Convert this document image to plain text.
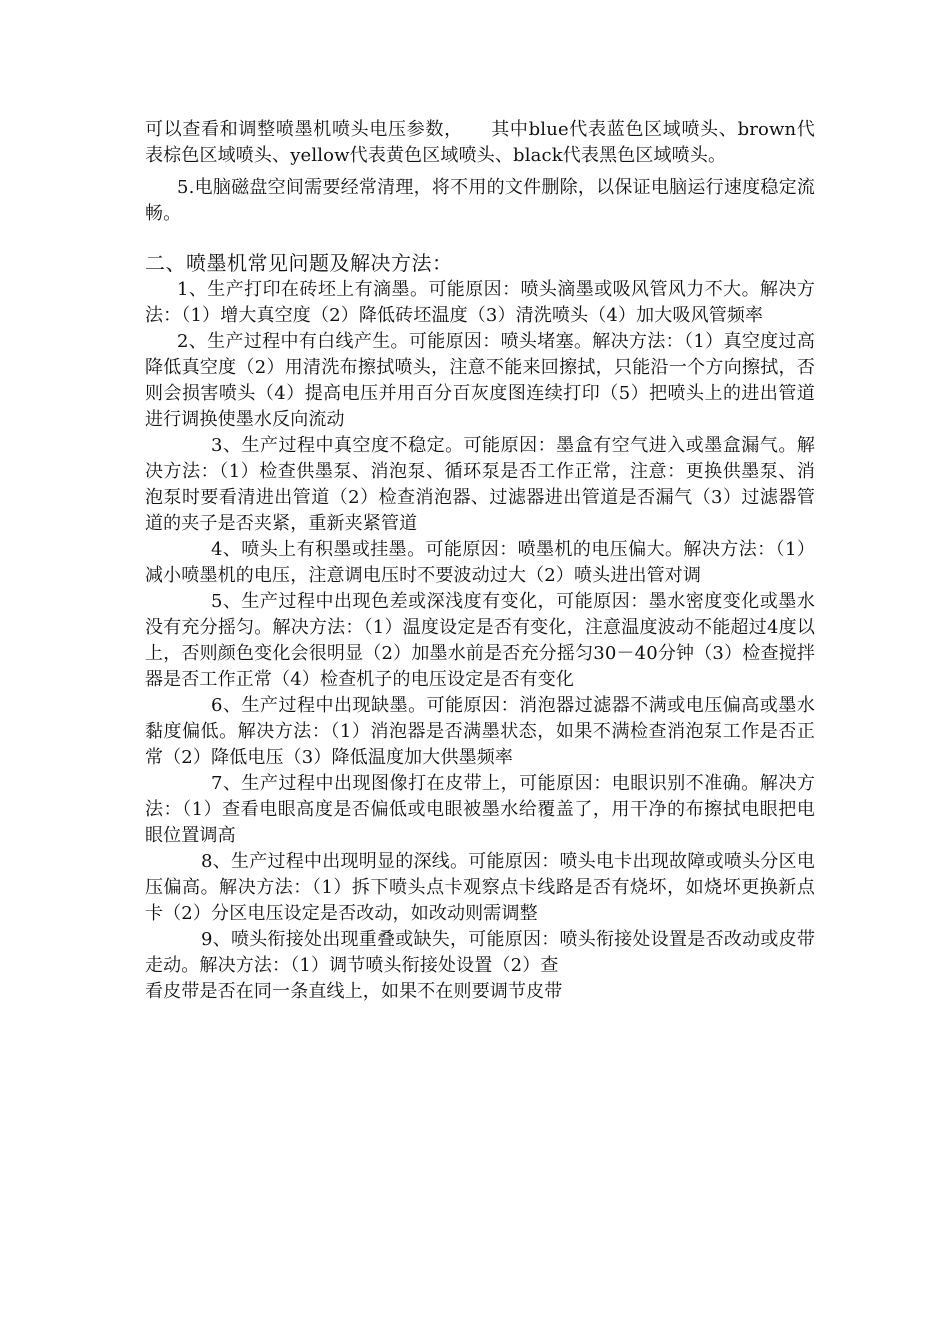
可以查看和调整喷墨机喷头电压参数，　　其中blue代表蓝色区域喷头、brown代表棕色区域喷头、yellow代表黄色区域喷头、black代表黑色区域喷头。

5.电脑磁盘空间需要经常清理，将不用的文件删除，以保证电脑运行速度稳定流畅。

二、喷墨机常见问题及解决方法：

1、生产打印在砖坯上有滴墨。可能原因：喷头滴墨或吸风管风力不大。解决方法：（1）增大真空度（2）降低砖坯温度（3）清洗喷头（4）加大吸风管频率

2、生产过程中有白线产生。可能原因：喷头堵塞。解决方法：（1）真空度过高降低真空度（2）用清洗布擦拭喷头，注意不能来回擦拭，只能沿一个方向擦拭，否则会损害喷头（4）提高电压并用百分百灰度图连续打印（5）把喷头上的进出管道进行调换使墨水反向流动

3、生产过程中真空度不稳定。可能原因：墨盒有空气进入或墨盒漏气。解决方法：（1）检查供墨泵、消泡泵、循环泵是否工作正常，注意：更换供墨泵、消泡泵时要看清进出管道（2）检查消泡器、过滤器进出管道是否漏气（3）过滤器管道的夹子是否夹紧，重新夹紧管道

4、喷头上有积墨或挂墨。可能原因：喷墨机的电压偏大。解决方法：（1）减小喷墨机的电压，注意调电压时不要波动过大（2）喷头进出管对调

5、生产过程中出现色差或深浅度有变化，可能原因：墨水密度变化或墨水没有充分摇匀。解决方法：（1）温度设定是否有变化，注意温度波动不能超过4度以上，否则颜色变化会很明显（2）加墨水前是否充分摇匀30－40分钟（3）检查搅拌器是否工作正常（4）检查机子的电压设定是否有变化

6、生产过程中出现缺墨。可能原因：消泡器过滤器不满或电压偏高或墨水黏度偏低。解决方法：（1）消泡器是否满墨状态，如果不满检查消泡泵工作是否正常（2）降低电压（3）降低温度加大供墨频率

7、生产过程中出现图像打在皮带上，可能原因：电眼识别不准确。解决方法：（1）查看电眼高度是否偏低或电眼被墨水给覆盖了，用干净的布擦拭电眼把电眼位置调高

8、生产过程中出现明显的深线。可能原因：喷头电卡出现故障或喷头分区电压偏高。解决方法：（1）拆下喷头点卡观察点卡线路是否有烧坏，如烧坏更换新点卡（2）分区电压设定是否改动，如改动则需调整

9、喷头衔接处出现重叠或缺失，可能原因：喷头衔接处设置是否改动或皮带走动。解决方法：（1）调节喷头衔接处设置（2）查

看皮带是否在同一条直线上，如果不在则要调节皮带
